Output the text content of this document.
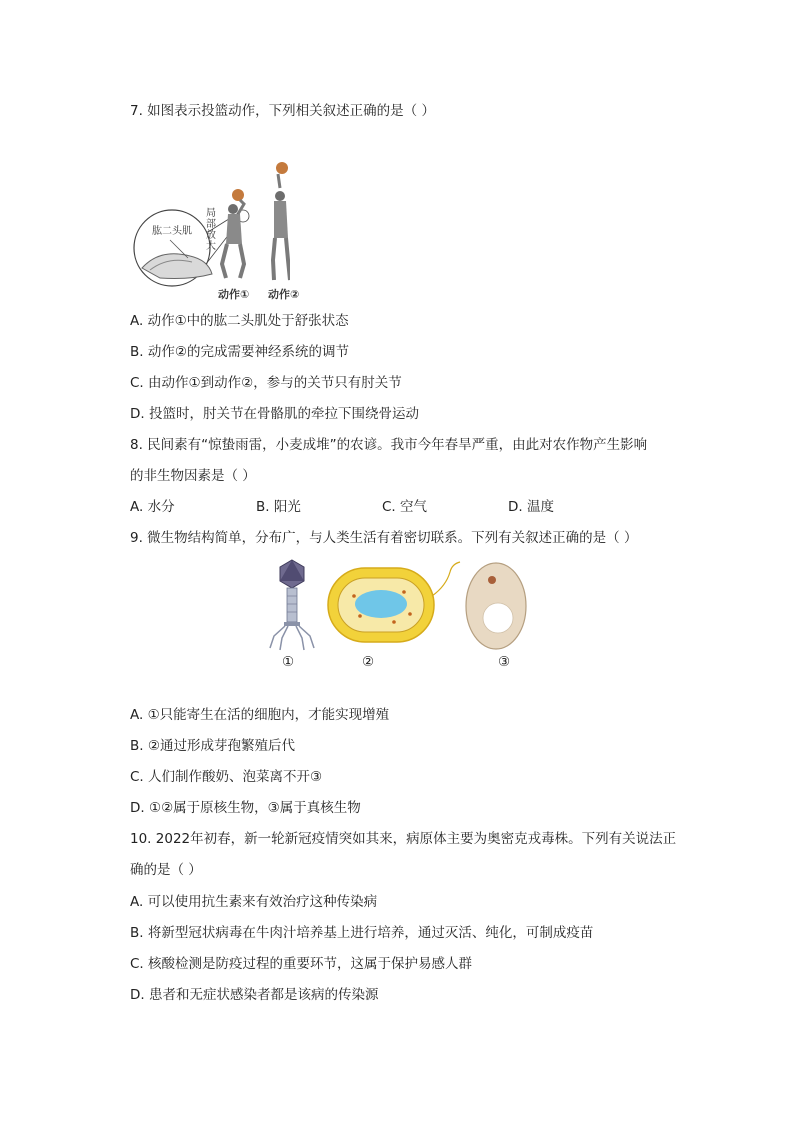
7. 如图表示投篮动作，下列相关叙述正确的是（ ）
肱二头肌
局部放大
动作① 动作②
A. 动作①中的肱二头肌处于舒张状态
B. 动作②的完成需要神经系统的调节
C. 由动作①到动作②，参与的关节只有肘关节
D. 投篮时，肘关节在骨骼肌的牵拉下围绕骨运动
8. 民间素有“惊蛰雨雷，小麦成堆”的农谚。我市今年春旱严重，由此对农作物产生影响
的非生物因素是（ ）
A. 水分	B. 阳光	C. 空气	D. 温度
9. 微生物结构简单，分布广，与人类生活有着密切联系。下列有关叙述正确的是（ ）
①	②	③
A. ①只能寄生在活的细胞内，才能实现增殖
B. ②通过形成芽孢繁殖后代
C. 人们制作酸奶、泡菜离不开③
D. ①②属于原核生物，③属于真核生物
10. 2022年初春，新一轮新冠疫情突如其来，病原体主要为奥密克戎毒株。下列有关说法正
确的是（ ）
A. 可以使用抗生素来有效治疗这种传染病
B. 将新型冠状病毒在牛肉汁培养基上进行培养，通过灭活、纯化，可制成疫苗
C. 核酸检测是防疫过程的重要环节，这属于保护易感人群
D. 患者和无症状感染者都是该病的传染源
